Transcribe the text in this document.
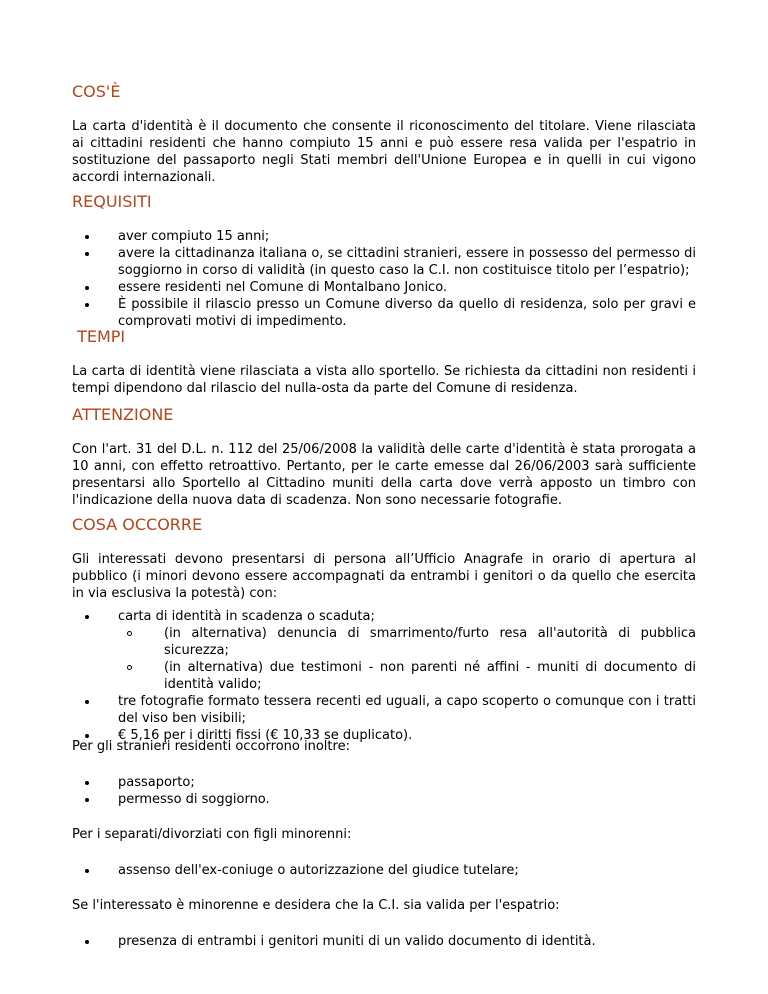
COS'È

La carta d'identità è il documento che consente il riconoscimento del titolare. Viene rilasciata ai cittadini residenti che hanno compiuto 15 anni e può essere resa valida per l'espatrio in sostituzione del passaporto negli Stati membri dell'Unione Europea e in quelli in cui vigono accordi internazionali.

REQUISITI
aver compiuto 15 anni;
avere la cittadinanza italiana o, se cittadini stranieri, essere in possesso del permesso di soggiorno in corso di validità (in questo caso la C.I. non costituisce titolo per l’espatrio);
essere residenti nel Comune di Montalbano Jonico.
È possibile il rilascio presso un Comune diverso da quello di residenza, solo per gravi e comprovati motivi di impedimento.
TEMPI

La carta di identità viene rilasciata a vista allo sportello. Se richiesta da cittadini non residenti i tempi dipendono dal rilascio del nulla-osta da parte del Comune di residenza.

ATTENZIONE

Con l'art. 31 del D.L. n. 112 del 25/06/2008 la validità delle carte d'identità è stata prorogata a 10 anni, con effetto retroattivo. Pertanto, per le carte emesse dal 26/06/2003 sarà sufficiente presentarsi allo Sportello al Cittadino muniti della carta dove verrà apposto un timbro con l'indicazione della nuova data di scadenza. Non sono necessarie fotografie.

COSA OCCORRE

Gli interessati devono presentarsi di persona all’Ufficio Anagrafe in orario di apertura al pubblico (i minori devono essere accompagnati da entrambi i genitori o da quello che esercita in via esclusiva la potestà) con:

carta di identità in scadenza o scaduta;
(in alternativa) denuncia di smarrimento/furto resa all'autorità di pubblica sicurezza;
(in alternativa) due testimoni - non parenti né affini - muniti di documento di identità valido;
tre fotografie formato tessera recenti ed uguali, a capo scoperto o comunque con i tratti del viso ben visibili;
€ 5,16 per i diritti fissi (€ 10,33 se duplicato).

Per gli stranieri residenti occorrono inoltre:

passaporto;
permesso di soggiorno.

Per i separati/divorziati con figli minorenni:

assenso dell'ex-coniuge o autorizzazione del giudice tutelare;

Se l'interessato è minorenne e desidera che la C.I. sia valida per l'espatrio:

presenza di entrambi i genitori muniti di un valido documento di identità.
